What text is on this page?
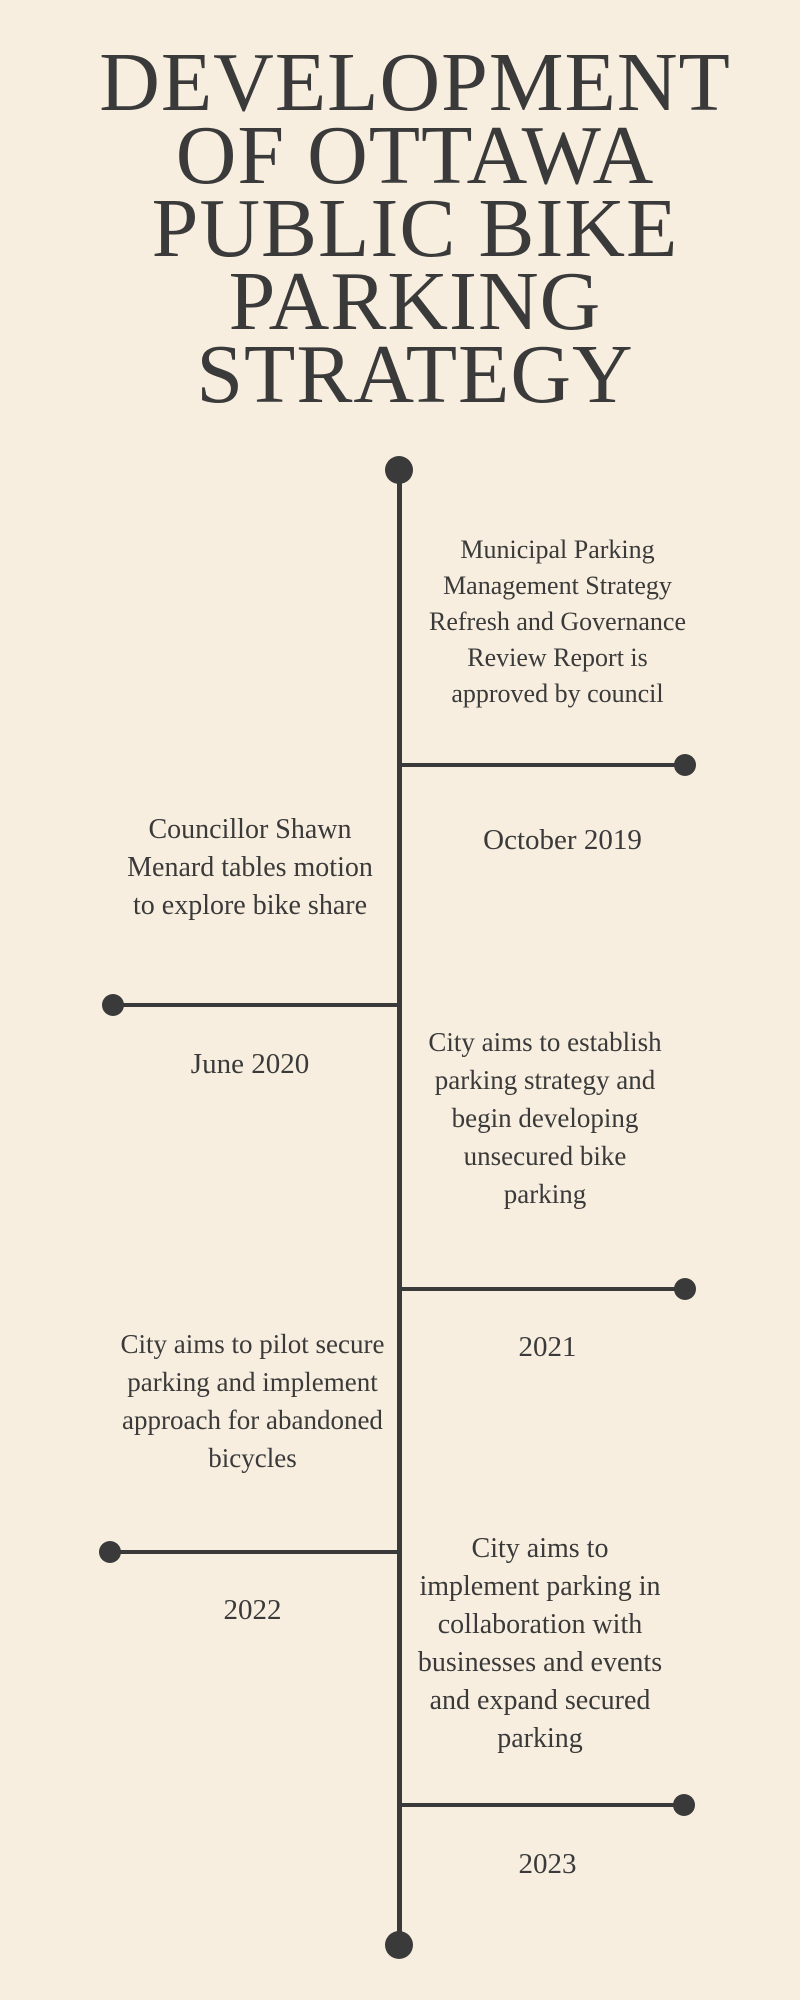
DEVELOPMENT OF OTTAWA PUBLIC BIKE PARKING STRATEGY

Municipal Parking Management Strategy Refresh and Governance Review Report is approved by council

October 2019

Councillor Shawn Menard tables motion to explore bike share

June 2020

City aims to establish parking strategy and begin developing unsecured bike parking

2021

City aims to pilot secure parking and implement approach for abandoned bicycles

2022

City aims to implement parking in collaboration with businesses and events and expand secured parking

2023
